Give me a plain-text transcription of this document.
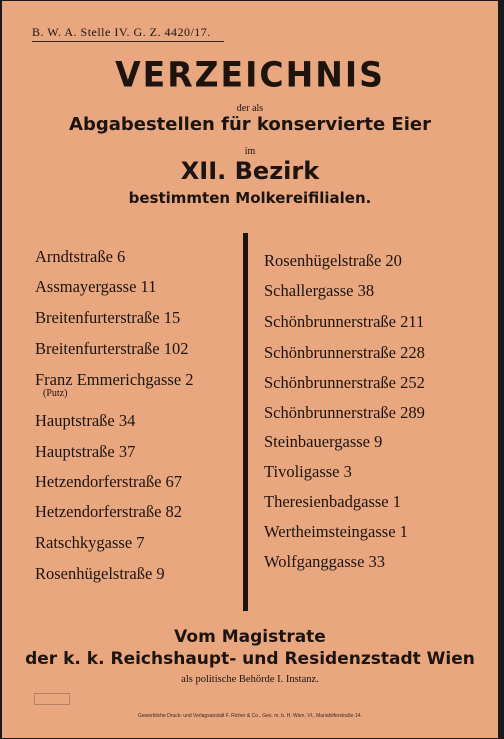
B. W. A. Stelle IV. G. Z. 4420/17.
VERZEICHNIS
der als
Abgabestellen für konservierte Eier
im
XII. Bezirk
bestimmten Molkereifilialen.
Vom Magistrate
der k. k. Reichshaupt- und Residenzstadt Wien
als politische Behörde I. Instanz.
Gewerbliche Druck- und Verlagsanstalt F. Richer & Co., Ges. m. b. H. Wien, VI., Mariahilferstraße 14.
Arndtstraße 6
Assmayergasse 11
Breitenfurterstraße 15
Breitenfurterstraße 102
Franz Emmerichgasse 2
(Putz)
Hauptstraße 34
Hauptstraße 37
Hetzendorferstraße 67
Hetzendorferstraße 82
Ratschkygasse 7
Rosenhügelstraße 9
Rosenhügelstraße 20
Schallergasse 38
Schönbrunnerstraße 211
Schönbrunnerstraße 228
Schönbrunnerstraße 252
Schönbrunnerstraße 289
Steinbauergasse 9
Tivoligasse 3
Theresienbadgasse 1
Wertheimsteingasse 1
Wolfganggasse 33
